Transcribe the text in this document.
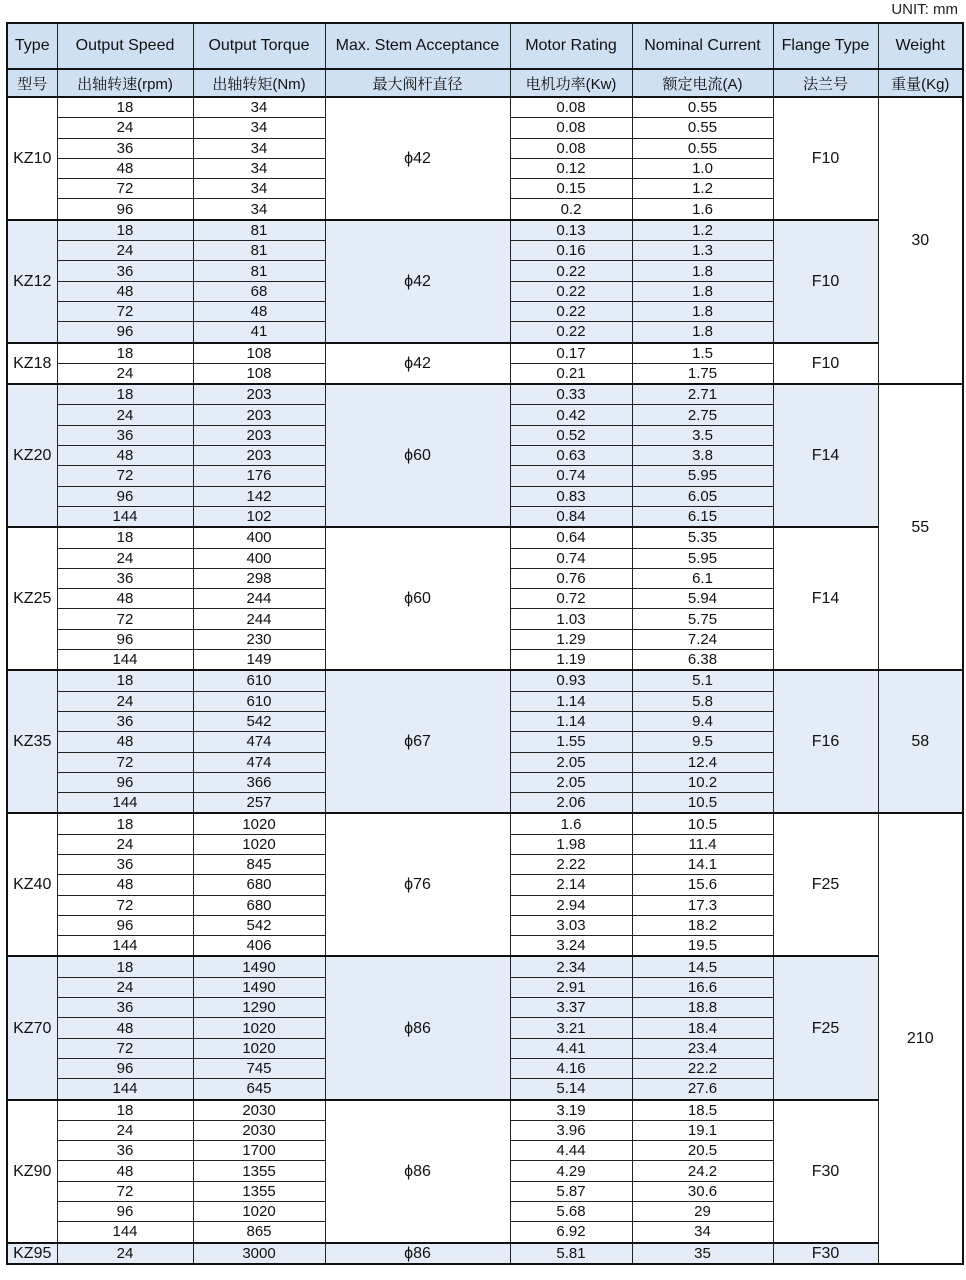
UNIT: mm
Type	Output Speed	Output Torque	Max. Stem Acceptance	Motor Rating	Nominal Current	Flange Type	Weight
型号	出轴转速(rpm)	出轴转矩(Nm)	最大阀杆直径	电机功率(Kw)	额定电流(A)	法兰号	重量(Kg)
KZ10	18	34	ϕ42	0.08	0.55	F10	30
	24	34		0.08	0.55		
	36	34		0.08	0.55		
	48	34		0.12	1.0		
	72	34		0.15	1.2		
	96	34		0.2	1.6		
KZ12	18	81	ϕ42	0.13	1.2	F10	
	24	81		0.16	1.3		
	36	81		0.22	1.8		
	48	68		0.22	1.8		
	72	48		0.22	1.8		
	96	41		0.22	1.8		
KZ18	18	108	ϕ42	0.17	1.5	F10	
	24	108		0.21	1.75		
KZ20	18	203	ϕ60	0.33	2.71	F14	55
	24	203		0.42	2.75		
	36	203		0.52	3.5		
	48	203		0.63	3.8		
	72	176		0.74	5.95		
	96	142		0.83	6.05		
	144	102		0.84	6.15		
KZ25	18	400	ϕ60	0.64	5.35	F14	
	24	400		0.74	5.95		
	36	298		0.76	6.1		
	48	244		0.72	5.94		
	72	244		1.03	5.75		
	96	230		1.29	7.24		
	144	149		1.19	6.38		
KZ35	18	610	ϕ67	0.93	5.1	F16	58
	24	610		1.14	5.8		
	36	542		1.14	9.4		
	48	474		1.55	9.5		
	72	474		2.05	12.4		
	96	366		2.05	10.2		
	144	257		2.06	10.5		
KZ40	18	1020	ϕ76	1.6	10.5	F25	210
	24	1020		1.98	11.4		
	36	845		2.22	14.1		
	48	680		2.14	15.6		
	72	680		2.94	17.3		
	96	542		3.03	18.2		
	144	406		3.24	19.5		
KZ70	18	1490	ϕ86	2.34	14.5	F25	
	24	1490		2.91	16.6		
	36	1290		3.37	18.8		
	48	1020		3.21	18.4		
	72	1020		4.41	23.4		
	96	745		4.16	22.2		
	144	645		5.14	27.6		
KZ90	18	2030	ϕ86	3.19	18.5	F30	
	24	2030		3.96	19.1		
	36	1700		4.44	20.5		
	48	1355		4.29	24.2		
	72	1355		5.87	30.6		
	96	1020		5.68	29		
	144	865		6.92	34		
KZ95	24	3000	ϕ86	5.81	35	F30	
